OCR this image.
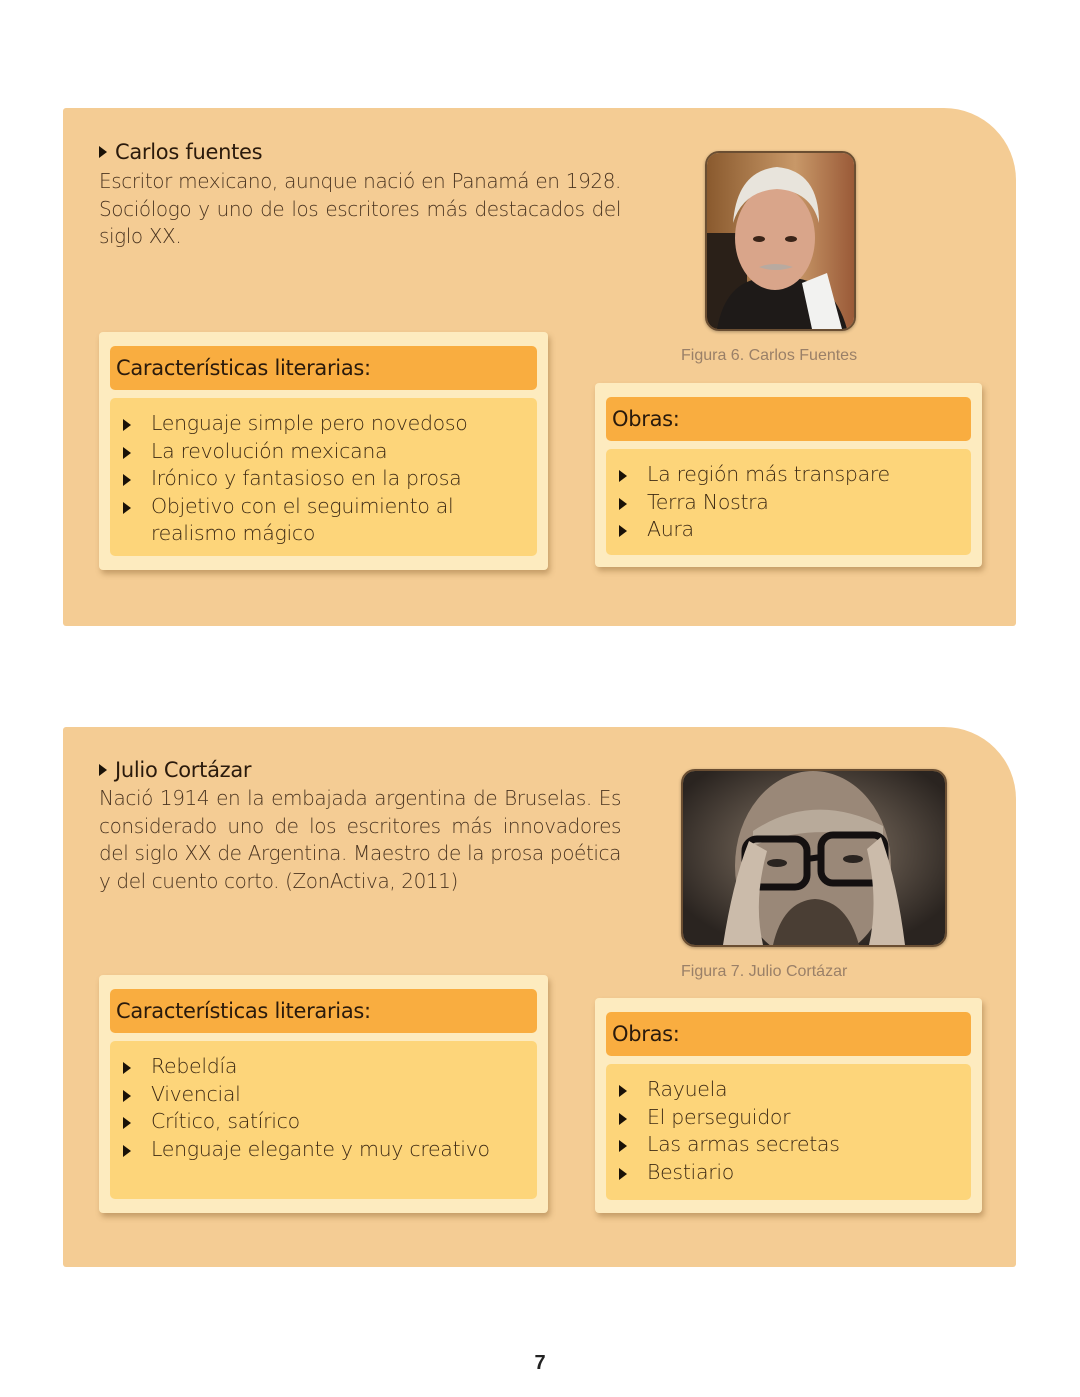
Carlos fuentes

Escritor mexicano, aunque nació en Panamá en 1928. Sociólogo y uno de los escritores más destacados del siglo XX.

Figura 6. Carlos Fuentes
Características literarias:
Lenguaje simple pero novedoso
La revolución mexicana
Irónico y fantasioso en la prosa
Objetivo con el seguimiento al realismo mágico
Obras:
La región más transpare
Terra Nostra
Aura
Julio Cortázar

Nació 1914 en la embajada argentina de Bruselas. Es considerado uno de los escritores más innovadores del siglo XX de Argentina. Maestro de la prosa poética y del cuento corto. (ZonActiva, 2011)

Figura 7. Julio Cortázar
Características literarias:
Rebeldía
Vivencial
Crítico, satírico
Lenguaje elegante y muy creativo
Obras:
Rayuela
El perseguidor
Las armas secretas
Bestiario
7
